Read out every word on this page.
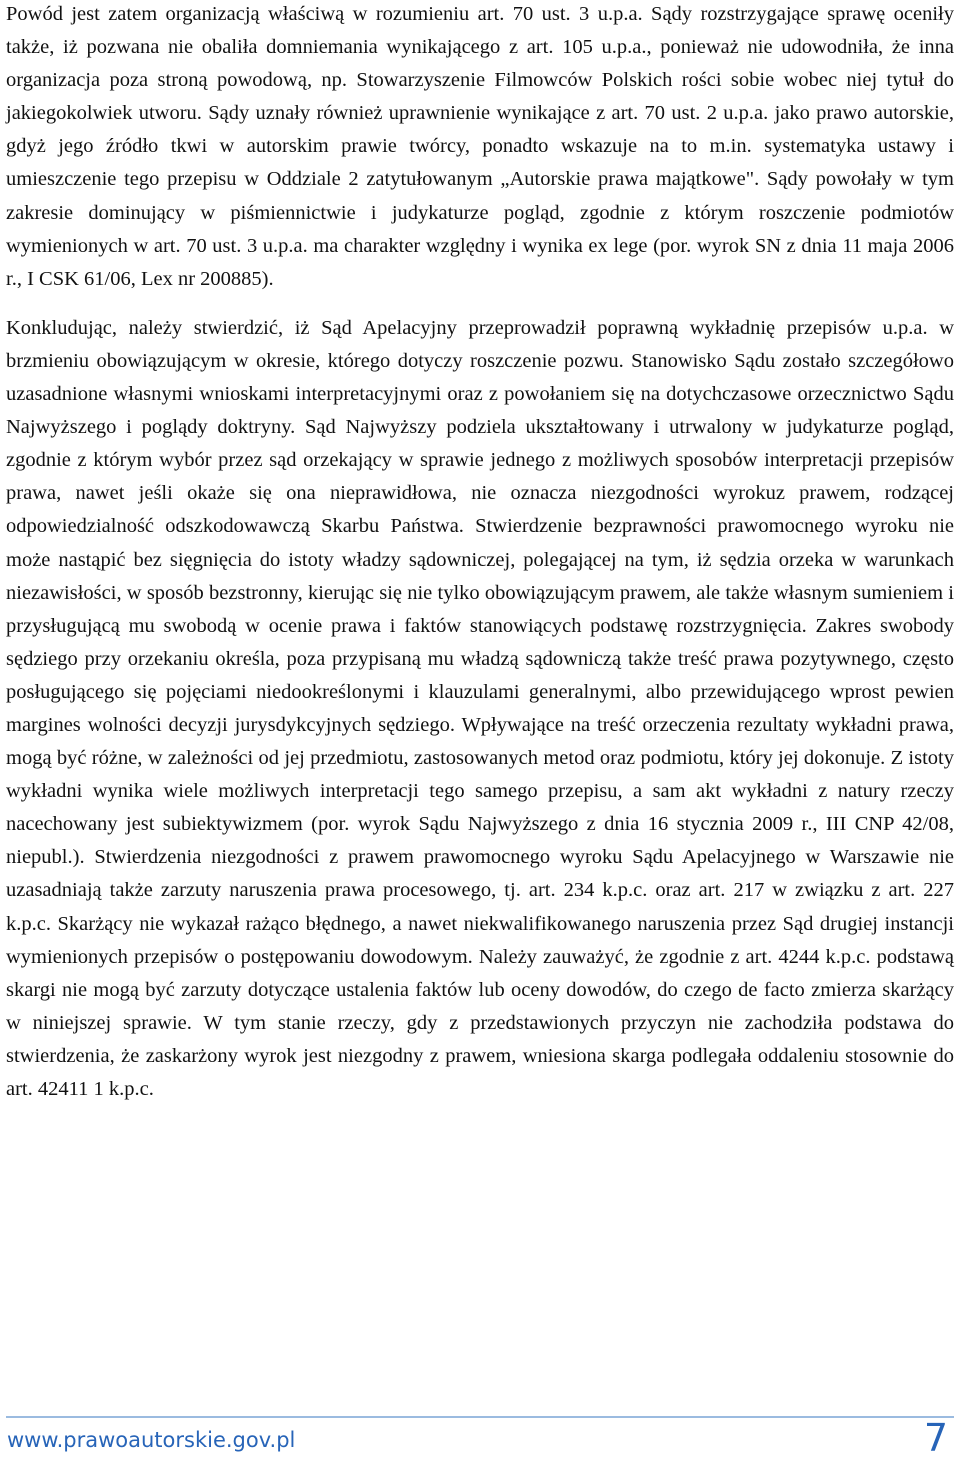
Powód jest zatem organizacją właściwą w rozumieniu art. 70 ust. 3 u.p.a. Sądy rozstrzygające sprawę oceniły także, iż pozwana nie obaliła domniemania wynikającego z art. 105 u.p.a., ponieważ nie udowodniła, że inna organizacja poza stroną powodową, np. Stowarzyszenie Filmowców Polskich rości sobie wobec niej tytuł do jakiegokolwiek utworu. Sądy uznały również uprawnienie wynikające z art. 70 ust. 2 u.p.a. jako prawo autorskie, gdyż jego źródło tkwi w autorskim prawie twórcy, ponadto wskazuje na to m.in. systematyka ustawy i umieszczenie tego przepisu w Oddziale 2 zatytułowanym „Autorskie prawa majątkowe". Sądy powołały w tym zakresie dominujący w piśmiennictwie i judykaturze pogląd, zgodnie z którym roszczenie podmiotów wymienionych w art. 70 ust. 3 u.p.a. ma charakter względny i wynika ex lege (por. wyrok SN z dnia 11 maja 2006 r., I CSK 61/06, Lex nr 200885).

Konkludując, należy stwierdzić, iż Sąd Apelacyjny przeprowadził poprawną wykładnię przepisów u.p.a. w brzmieniu obowiązującym w okresie, którego dotyczy roszczenie pozwu. Stanowisko Sądu zostało szczegółowo uzasadnione własnymi wnioskami interpretacyjnymi oraz z powołaniem się na dotychczasowe orzecznictwo Sądu Najwyższego i poglądy doktryny. Sąd Najwyższy podziela ukształtowany i utrwalony w judykaturze pogląd, zgodnie z którym wybór przez sąd orzekający w sprawie jednego z możliwych sposobów interpretacji przepisów prawa, nawet jeśli okaże się ona nieprawidłowa, nie oznacza niezgodności wyrokuz prawem, rodzącej odpowiedzialność odszkodowawczą Skarbu Państwa. Stwierdzenie bezprawności prawomocnego wyroku nie może nastąpić bez sięgnięcia do istoty władzy sądowniczej, polegającej na tym, iż sędzia orzeka w warunkach niezawisłości, w sposób bezstronny, kierując się nie tylko obowiązującym prawem, ale także własnym sumieniem i przysługującą mu swobodą w ocenie prawa i faktów stanowiących podstawę rozstrzygnięcia. Zakres swobody sędziego przy orzekaniu określa, poza przypisaną mu władzą sądowniczą także treść prawa pozytywnego, często posługującego się pojęciami niedookreślonymi i klauzulami generalnymi, albo przewidującego wprost pewien margines wolności decyzji jurysdykcyjnych sędziego. Wpływające na treść orzeczenia rezultaty wykładni prawa, mogą być różne, w zależności od jej przedmiotu, zastosowanych metod oraz podmiotu, który jej dokonuje. Z istoty wykładni wynika wiele możliwych interpretacji tego samego przepisu, a sam akt wykładni z natury rzeczy nacechowany jest subiektywizmem (por. wyrok Sądu Najwyższego z dnia 16 stycznia 2009 r., III CNP 42/08, niepubl.). Stwierdzenia niezgodności z prawem prawomocnego wyroku Sądu Apelacyjnego w Warszawie nie uzasadniają także zarzuty naruszenia prawa procesowego, tj. art. 234 k.p.c. oraz art. 217 w związku z art. 227 k.p.c. Skarżący nie wykazał rażąco błędnego, a nawet niekwalifikowanego naruszenia przez Sąd drugiej instancji wymienionych przepisów o postępowaniu dowodowym. Należy zauważyć, że zgodnie z art. 4244 k.p.c. podstawą skargi nie mogą być zarzuty dotyczące ustalenia faktów lub oceny dowodów, do czego de facto zmierza skarżący w niniejszej sprawie. W tym stanie rzeczy, gdy z przedstawionych przyczyn nie zachodziła podstawa do stwierdzenia, że zaskarżony wyrok jest niezgodny z prawem, wniesiona skarga podlegała oddaleniu stosownie do art. 42411 1 k.p.c.

www.prawoautorskie.gov.pl	7
